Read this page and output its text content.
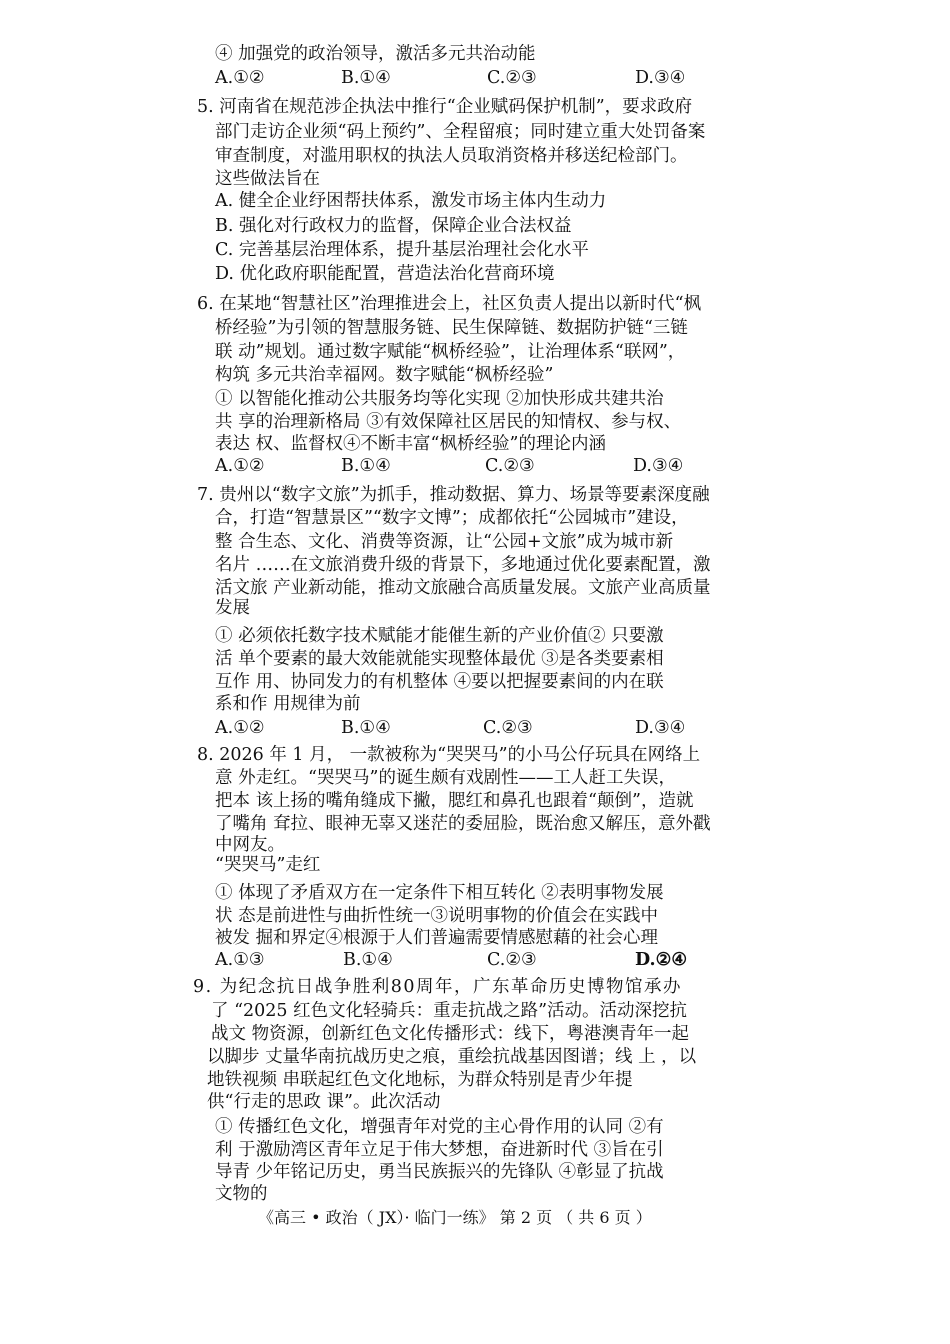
④ 加强党的政治领导，激活多元共治动能
A.①②	B.①④	C.②③	D.③④
5. 河南省在规范涉企执法中推行“企业赋码保护机制”，要求政府
部门走访企业须“码上预约”、全程留痕；同时建立重大处罚备案
审查制度，对滥用职权的执法人员取消资格并移送纪检部门。
这些做法旨在
A. 健全企业纾困帮扶体系，激发市场主体内生动力
B. 强化对行政权力的监督，保障企业合法权益
C. 完善基层治理体系，提升基层治理社会化水平
D. 优化政府职能配置，营造法治化营商环境
6. 在某地“智慧社区”治理推进会上，社区负责人提出以新时代“枫
桥经验”为引领的智慧服务链、民生保障链、数据防护链“三链
联 动”规划。通过数字赋能“枫桥经验”，让治理体系“联网”，
构筑 多元共治幸福网。数字赋能“枫桥经验”
① 以智能化推动公共服务均等化实现 ②加快形成共建共治
共 享的治理新格局 ③有效保障社区居民的知情权、参与权、
表达 权、监督权④不断丰富“枫桥经验”的理论内涵
A.①②	B.①④	C.②③	D.③④
7. 贵州以“数字文旅”为抓手，推动数据、算力、场景等要素深度融
合，打造“智慧景区”“数字文博”；成都依托“公园城市”建设，
整 合生态、文化、消费等资源，让“公园+文旅”成为城市新
名片 ……在文旅消费升级的背景下，多地通过优化要素配置，激
活文旅 产业新动能，推动文旅融合高质量发展。文旅产业高质量
发展
① 必须依托数字技术赋能才能催生新的产业价值② 只要激
活 单个要素的最大效能就能实现整体最优 ③是各类要素相
互作 用、协同发力的有机整体 ④要以把握要素间的内在联
系和作 用规律为前
A.①②	B.①④	C.②③	D.③④
8. 2026 年 1 月， 一款被称为“哭哭马”的小马公仔玩具在网络上
意 外走红。“哭哭马”的诞生颇有戏剧性——工人赶工失误，
把本 该上扬的嘴角缝成下撇，腮红和鼻孔也跟着“颠倒”，造就
了嘴角 耷拉、眼神无辜又迷茫的委屈脸，既治愈又解压，意外戳
中网友。
“哭哭马”走红
① 体现了矛盾双方在一定条件下相互转化 ②表明事物发展
状 态是前进性与曲折性统一③说明事物的价值会在实践中
被发 掘和界定④根源于人们普遍需要情感慰藉的社会心理
A.①③	B.①④	C.②③	D.②④
9. 为纪念抗日战争胜利80周年，广东革命历史博物馆承办
了 “2025 红色文化轻骑兵：重走抗战之路”活动。活动深挖抗
战文 物资源，创新红色文化传播形式：线下，粤港澳青年一起
以脚步 丈量华南抗战历史之痕，重绘抗战基因图谱；线 上 ，以
地铁视频 串联起红色文化地标，为群众特别是青少年提
供“行走的思政 课”。此次活动
① 传播红色文化，增强青年对党的主心骨作用的认同 ②有
利 于激励湾区青年立足于伟大梦想，奋进新时代 ③旨在引
导青 少年铭记历史，勇当民族振兴的先锋队 ④彰显了抗战
文物的
《高三 • 政治（ JX）· 临门一练》 第 2 页 （ 共 6 页 ）
